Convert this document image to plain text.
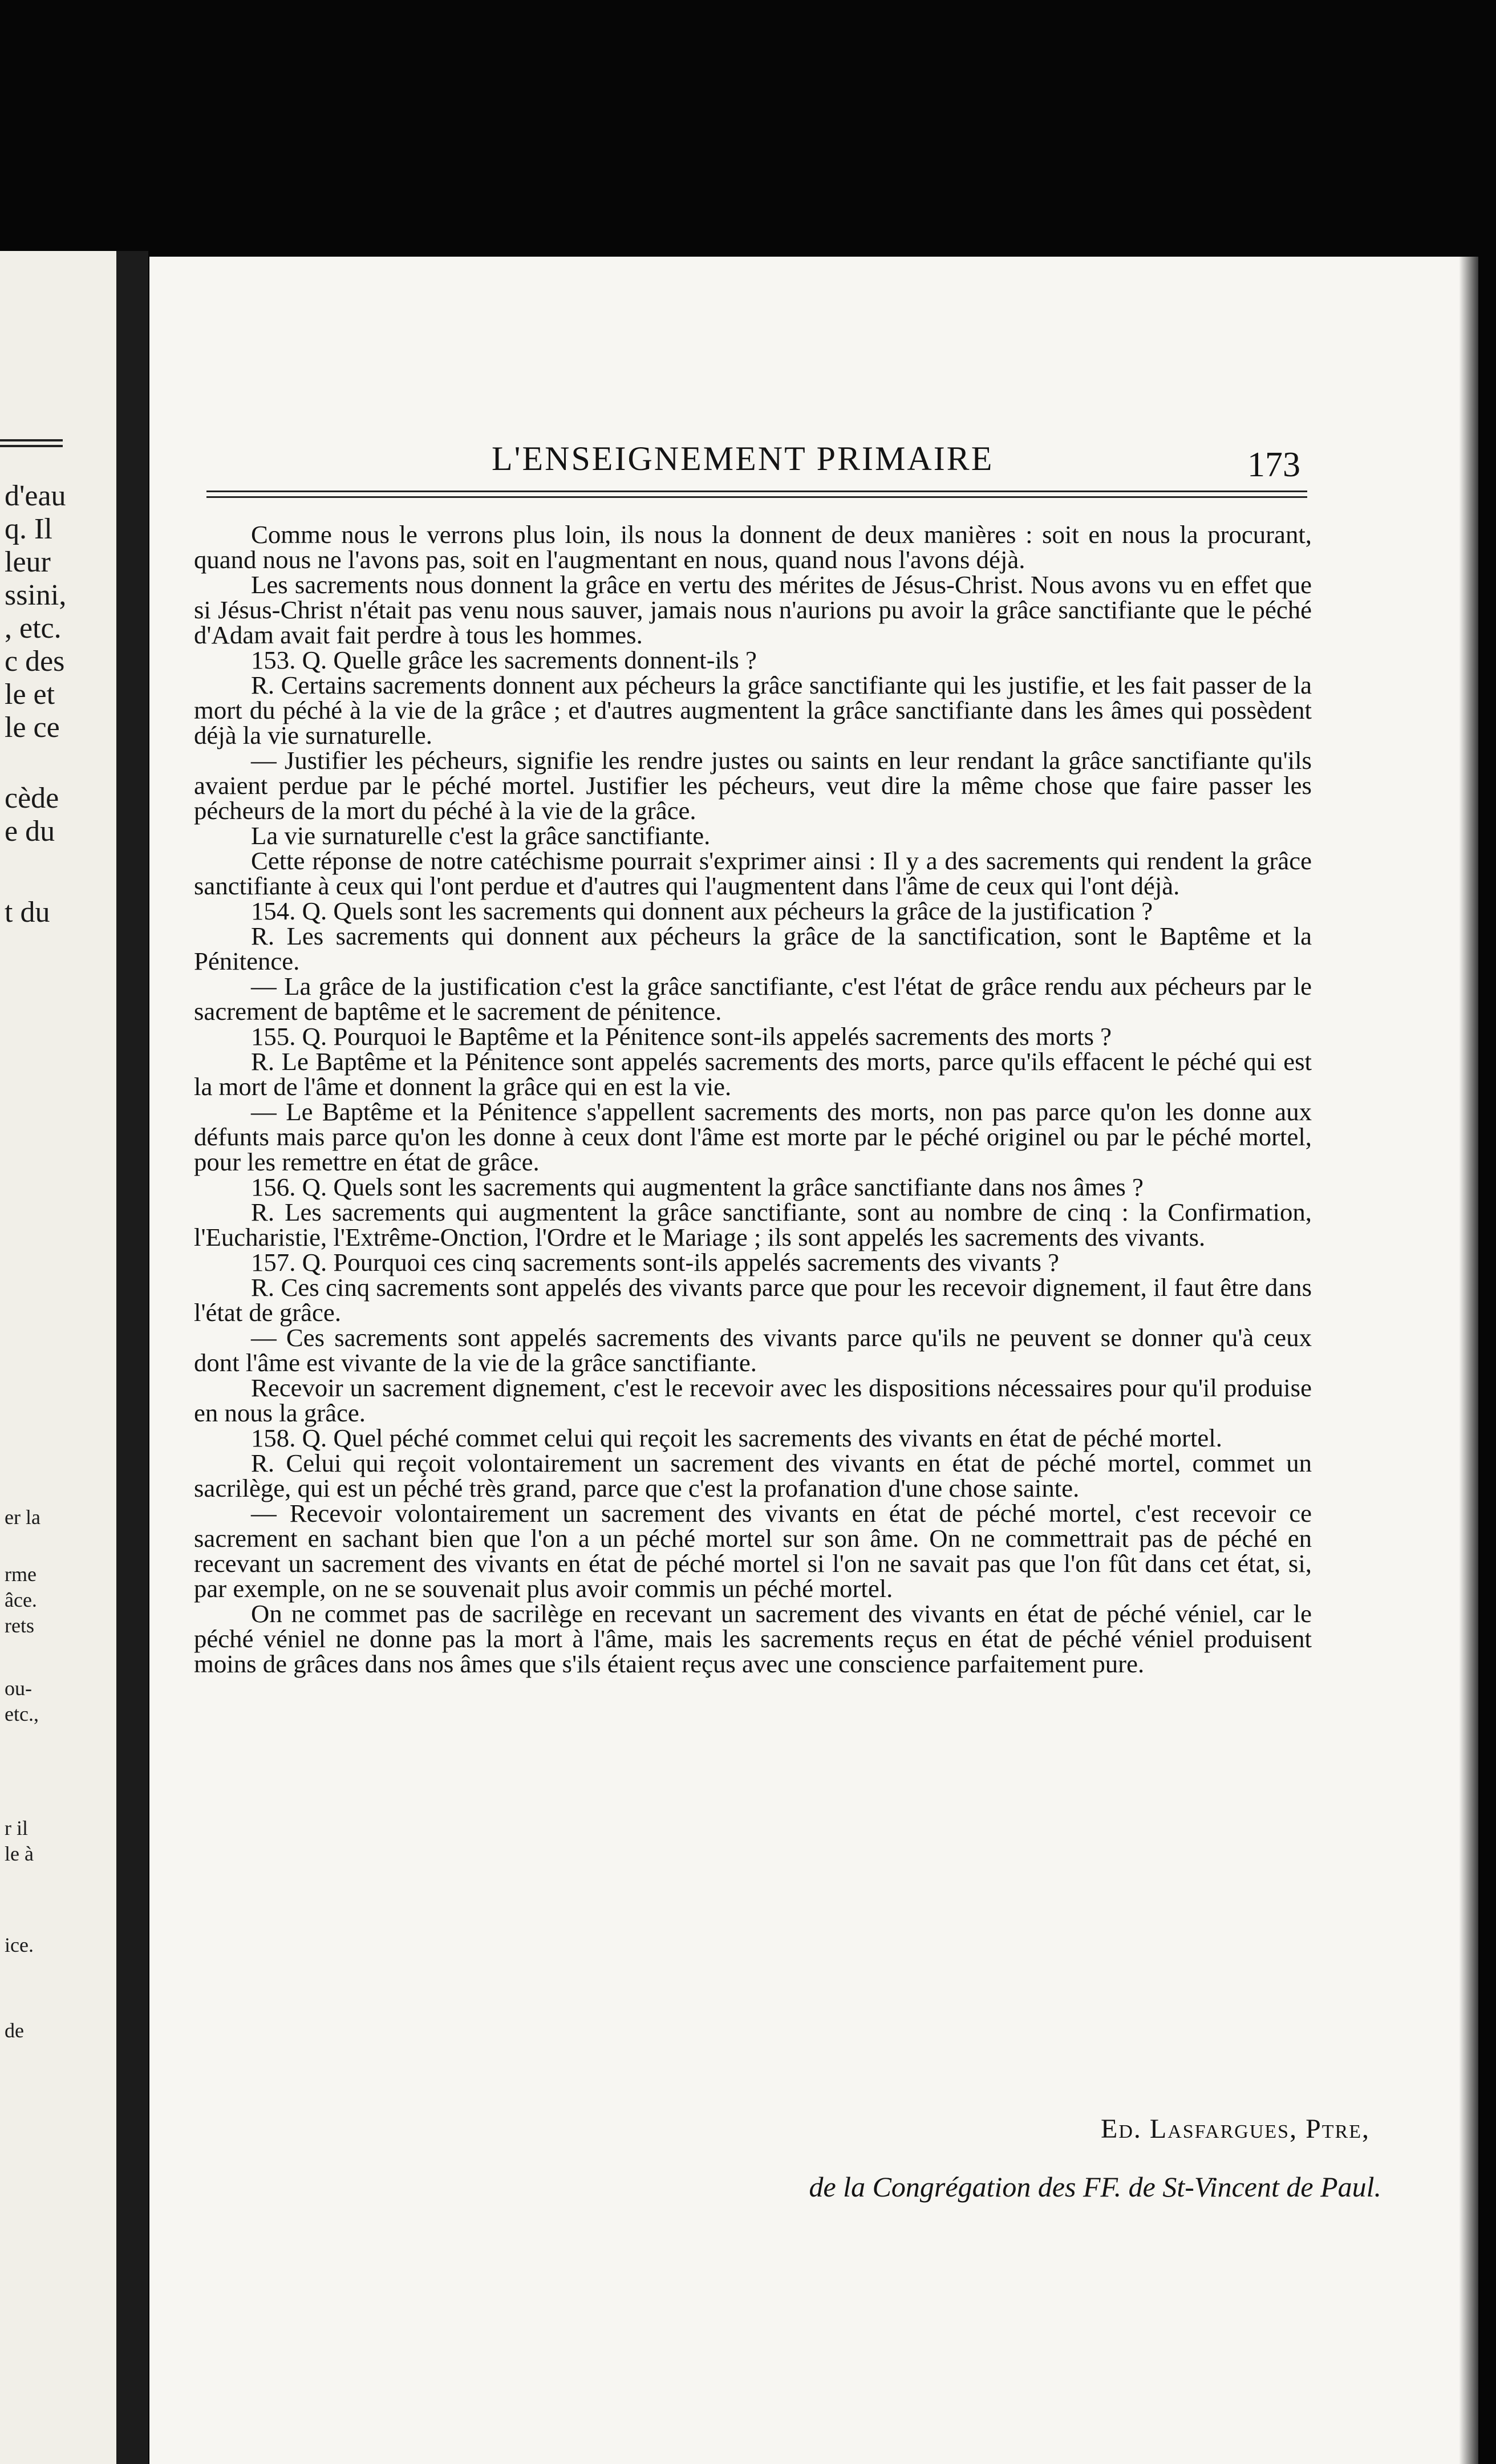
d'eau
q. Il
leur
ssini,
, etc.
c des
le et
le ce
cède
e du
t du
er la
rme
âce.
rets
ou-
etc.,
r il
le à
ice.
de
L'ENSEIGNEMENT PRIMAIRE	173

Comme nous le verrons plus loin, ils nous la donnent de deux manières : soit en nous la procurant, quand nous ne l'avons pas, soit en l'augmentant en nous, quand nous l'avons déjà.

Les sacrements nous donnent la grâce en vertu des mérites de Jésus-Christ. Nous avons vu en effet que si Jésus-Christ n'était pas venu nous sauver, jamais nous n'aurions pu avoir la grâce sanctifiante que le péché d'Adam avait fait perdre à tous les hommes.

153. Q. Quelle grâce les sacrements donnent-ils ?

R. Certains sacrements donnent aux pécheurs la grâce sanctifiante qui les justifie, et les fait passer de la mort du péché à la vie de la grâce ; et d'autres augmentent la grâce sanctifiante dans les âmes qui possèdent déjà la vie surnaturelle.

— Justifier les pécheurs, signifie les rendre justes ou saints en leur rendant la grâce sanctifiante qu'ils avaient perdue par le péché mortel. Justifier les pécheurs, veut dire la même chose que faire passer les pécheurs de la mort du péché à la vie de la grâce.

La vie surnaturelle c'est la grâce sanctifiante.

Cette réponse de notre catéchisme pourrait s'exprimer ainsi : Il y a des sacrements qui rendent la grâce sanctifiante à ceux qui l'ont perdue et d'autres qui l'augmentent dans l'âme de ceux qui l'ont déjà.

154. Q. Quels sont les sacrements qui donnent aux pécheurs la grâce de la justification ?

R. Les sacrements qui donnent aux pécheurs la grâce de la sanctification, sont le Baptême et la Pénitence.

— La grâce de la justification c'est la grâce sanctifiante, c'est l'état de grâce rendu aux pécheurs par le sacrement de baptême et le sacrement de pénitence.

155. Q. Pourquoi le Baptême et la Pénitence sont-ils appelés sacrements des morts ?

R. Le Baptême et la Pénitence sont appelés sacrements des morts, parce qu'ils effacent le péché qui est la mort de l'âme et donnent la grâce qui en est la vie.

— Le Baptême et la Pénitence s'appellent sacrements des morts, non pas parce qu'on les donne aux défunts mais parce qu'on les donne à ceux dont l'âme est morte par le péché originel ou par le péché mortel, pour les remettre en état de grâce.

156. Q. Quels sont les sacrements qui augmentent la grâce sanctifiante dans nos âmes ?

R. Les sacrements qui augmentent la grâce sanctifiante, sont au nombre de cinq : la Confirmation, l'Eucharistie, l'Extrême-Onction, l'Ordre et le Mariage ; ils sont appelés les sacrements des vivants.

157. Q. Pourquoi ces cinq sacrements sont-ils appelés sacrements des vivants ?

R. Ces cinq sacrements sont appelés des vivants parce que pour les recevoir dignement, il faut être dans l'état de grâce.

— Ces sacrements sont appelés sacrements des vivants parce qu'ils ne peuvent se donner qu'à ceux dont l'âme est vivante de la vie de la grâce sanctifiante.

Recevoir un sacrement dignement, c'est le recevoir avec les dispositions nécessaires pour qu'il produise en nous la grâce.

158. Q. Quel péché commet celui qui reçoit les sacrements des vivants en état de péché mortel.

R. Celui qui reçoit volontairement un sacrement des vivants en état de péché mortel, commet un sacrilège, qui est un péché très grand, parce que c'est la profanation d'une chose sainte.

— Recevoir volontairement un sacrement des vivants en état de péché mortel, c'est recevoir ce sacrement en sachant bien que l'on a un péché mortel sur son âme. On ne commettrait pas de péché en recevant un sacrement des vivants en état de péché mortel si l'on ne savait pas que l'on fût dans cet état, si, par exemple, on ne se souvenait plus avoir commis un péché mortel.

On ne commet pas de sacrilège en recevant un sacrement des vivants en état de péché véniel, car le péché véniel ne donne pas la mort à l'âme, mais les sacrements reçus en état de péché véniel produisent moins de grâces dans nos âmes que s'ils étaient reçus avec une conscience parfaitement pure.

Ed. Lasfargues, Ptre,
de la Congrégation des FF. de St-Vincent de Paul.
